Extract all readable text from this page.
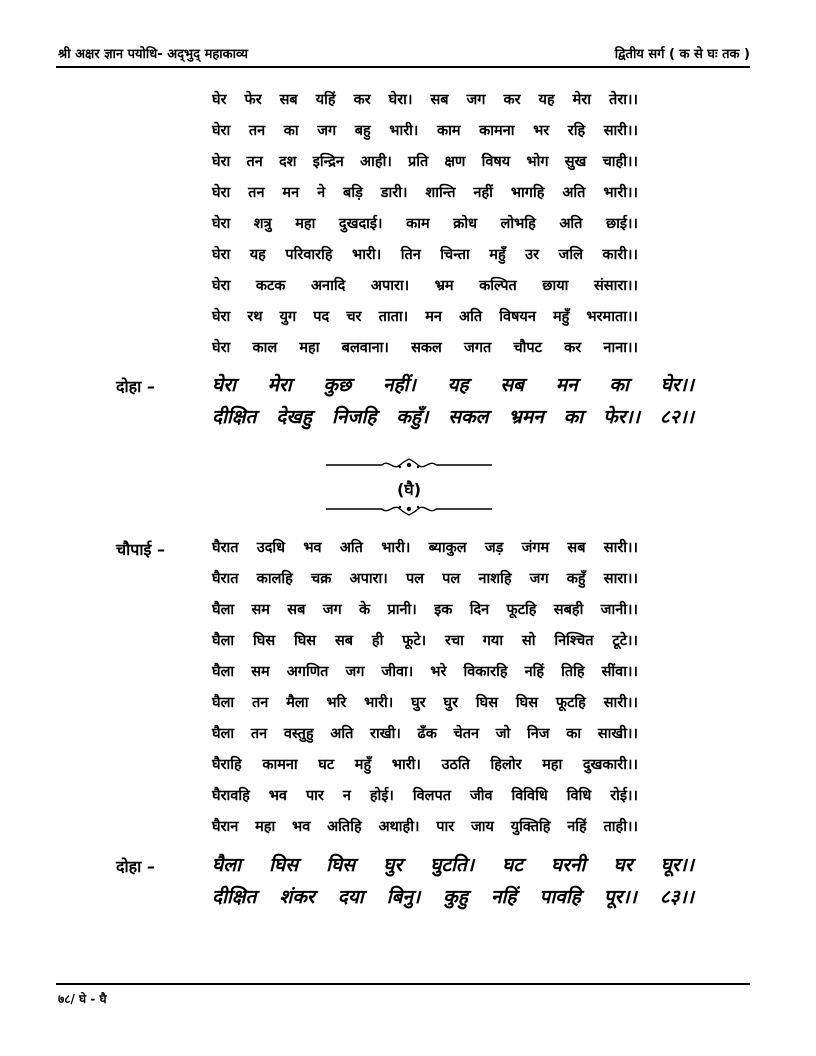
श्री अक्षर ज्ञान पयोधि- अद्‌भुद् महाकाव्य	द्वितीय सर्ग ( क से घः तक )
घेर फेर सब यहिं कर घेरा। सब जग कर यह मेरा तेरा।।
घेरा तन का जग बहु भारी। काम कामना भर रहि सारी।।
घेरा तन दश इन्द्रिन आही। प्रति क्षण विषय भोग सुख चाही।।
घेरा तन मन ने बड़ि डारी। शान्ति नहीं भागहि अति भारी।।
घेरा शत्रु महा दुखदाई। काम क्रोध लोभहि अति छाई।।
घेरा यह परिवारहि भारी। तिन चिन्ता महुँ उर जलि कारी।।
घेरा कटक अनादि अपारा। भ्रम कल्पित छाया संसारा।।
घेरा रथ युग पद चर ताता। मन अति विषयन महुँ भरमाता।।
घेरा काल महा बलवाना। सकल जगत चौपट कर नाना।।
दोहा –	घेरा मेरा कुछ नहीं। यह सब मन का घेर।।
दीक्षित देखहु निजहि कहुँ। सकल भ्रमन का फेर।। ८२।।
(घै)
चौपाई –	घैरात उदधि भव अति भारी। ब्याकुल जड़ जंगम सब सारी।।
घैरात कालहि चक्र अपारा। पल पल नाशहि जग कहुँ सारा।।
घैला सम सब जग के प्रानी। इक दिन फूटहि सबही जानी।।
घैला घिस घिस सब ही फूटे। रचा गया सो निश्चित टूटे।।
घैला सम अगणित जग जीवा। भरे विकारहि नहिं तिहि सींवा।।
घैला तन मैला भरि भारी। घुर घुर घिस घिस फूटहि सारी।।
घैला तन वस्तुहु अति राखी। ढँक चेतन जो निज का साखी।।
घैराहि कामना घट महुँ भारी। उठति हिलोर महा दुखकारी।।
घैरावहि भव पार न होई। विलपत जीव विविधि विधि रोई।।
घैरान महा भव अतिहि अथाही। पार जाय युक्तिहि नहिं ताही।।
दोहा –	घैला घिस घिस घुर घुटति। घट घरनी घर घूर।।
दीक्षित शंकर दया बिनु। कुहु नहिं पावहि पूर।। ८३।।
७८/ घे - घै
